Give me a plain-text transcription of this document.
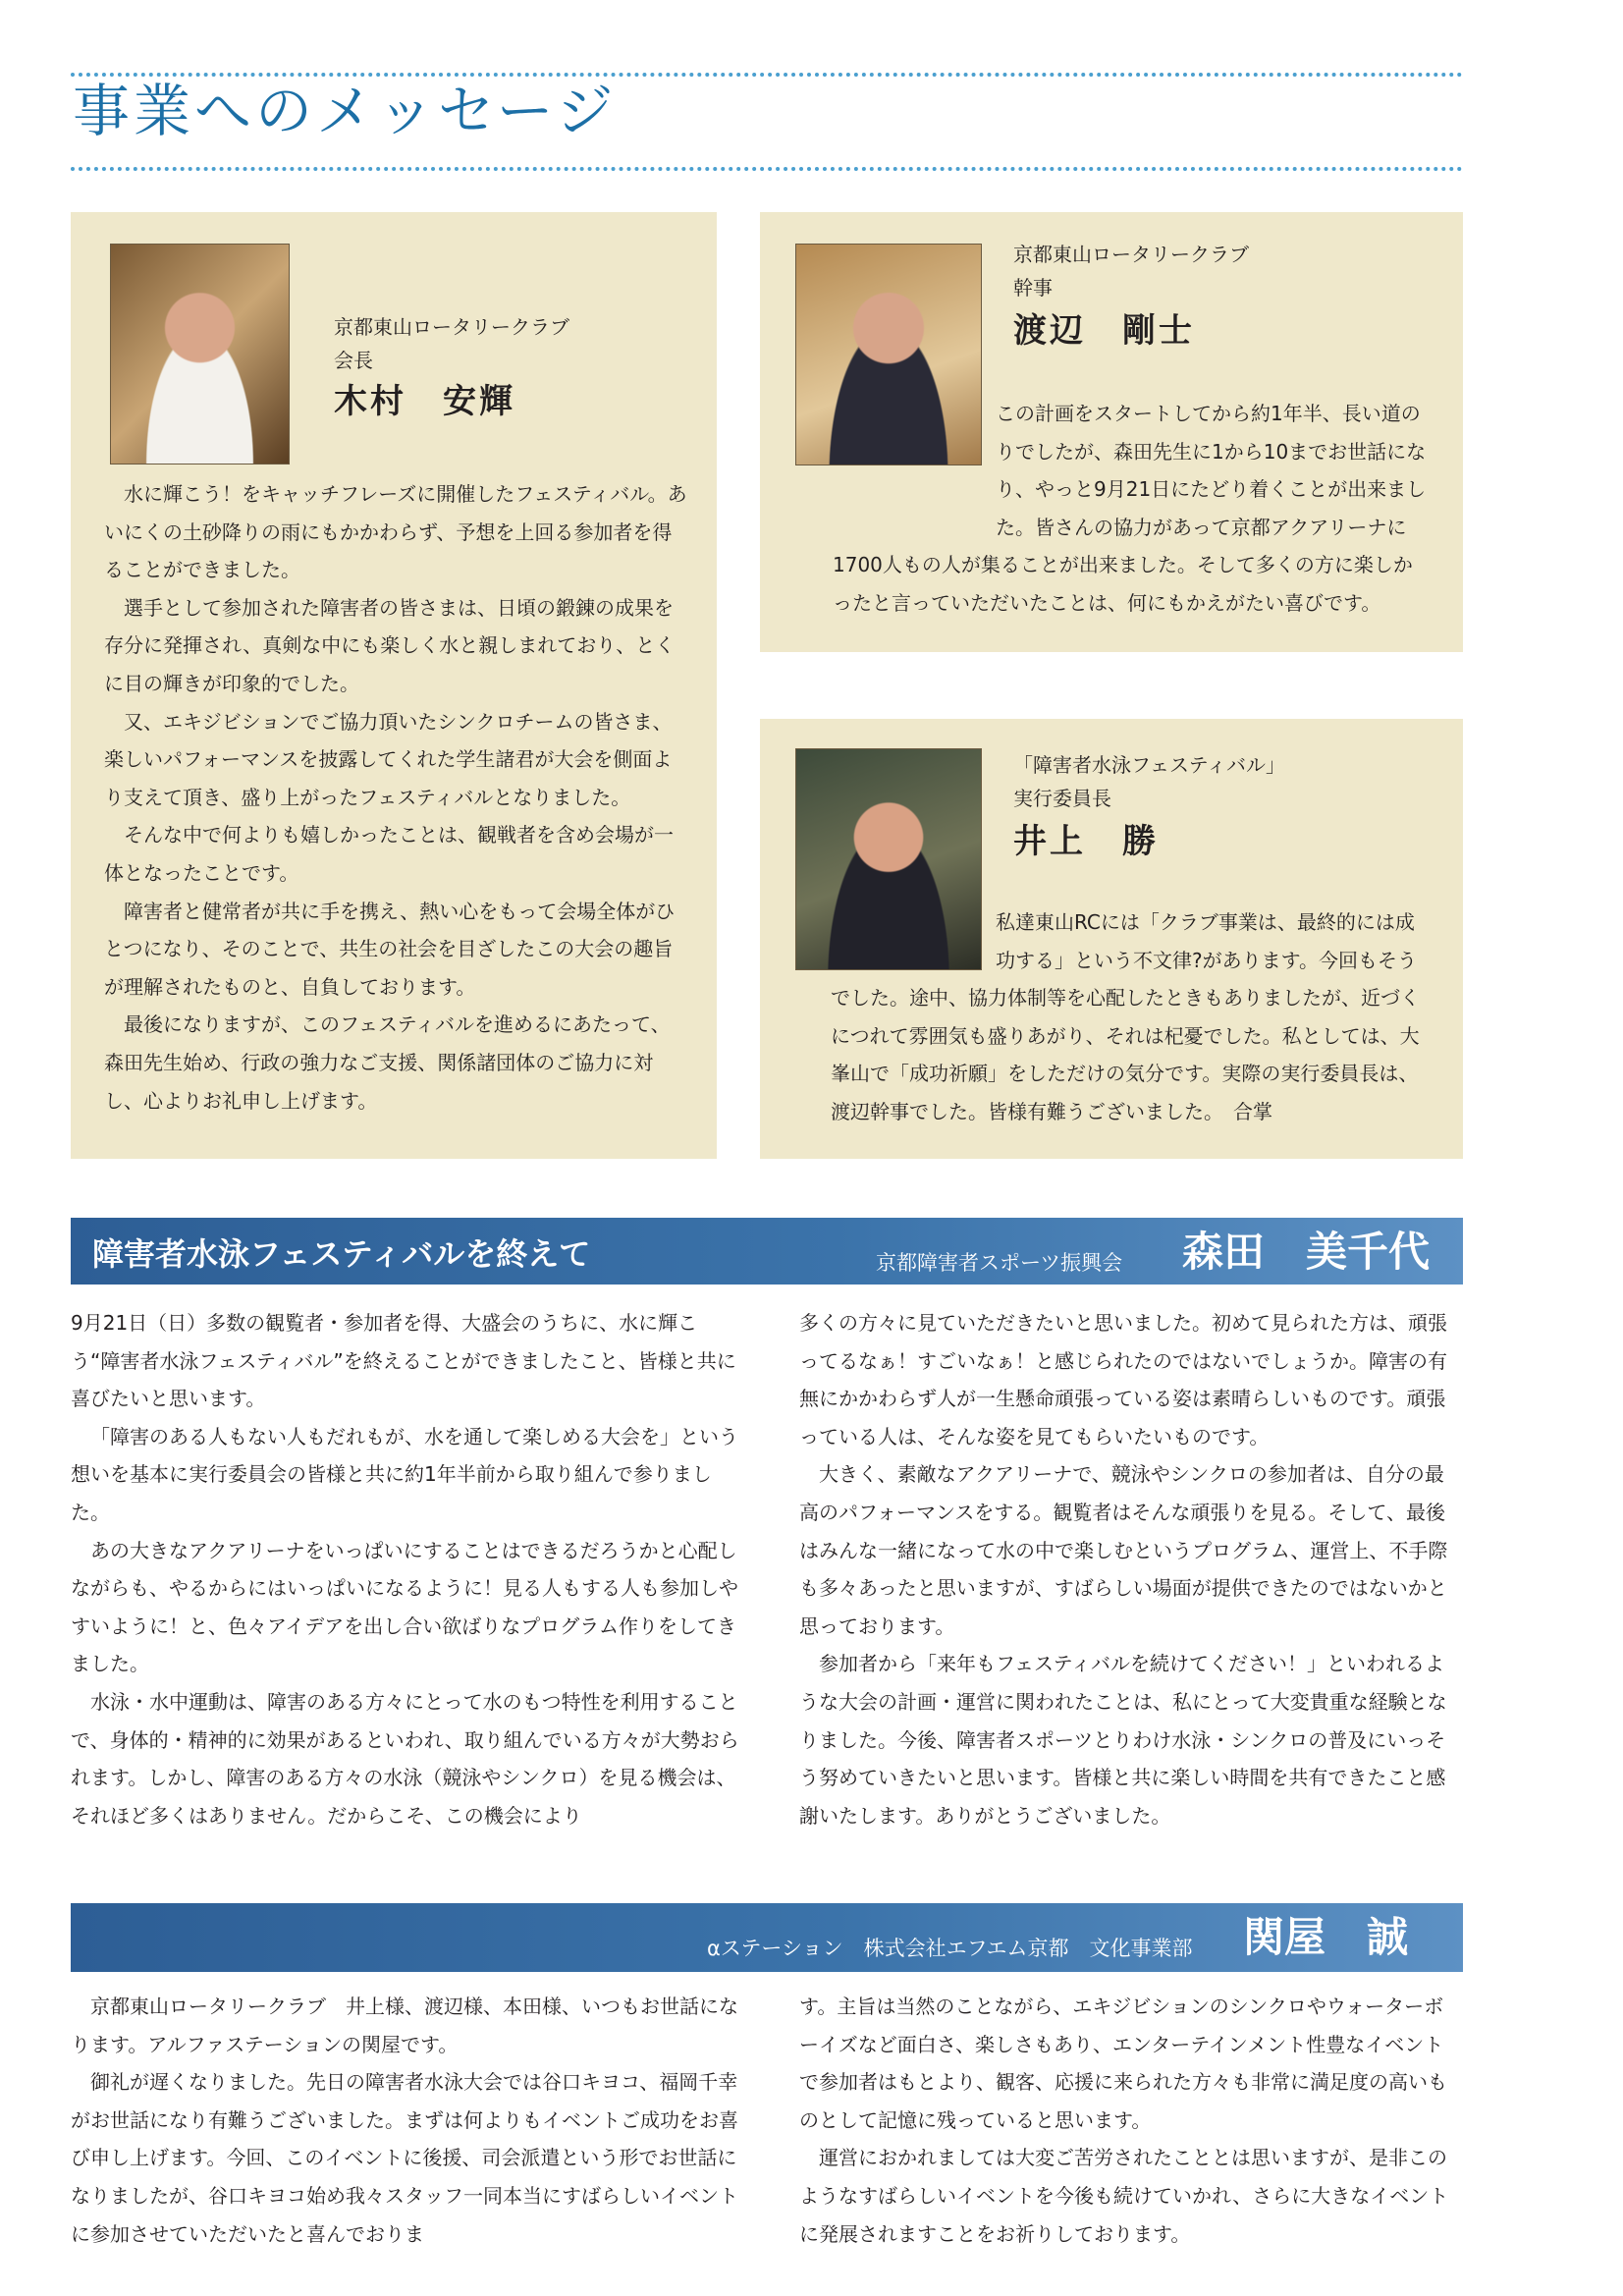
事業へのメッセージ
京都東山ロータリークラブ
会長
木村　安輝

水に輝こう！をキャッチフレーズに開催したフェスティバル。あいにくの土砂降りの雨にもかかわらず、予想を上回る参加者を得ることができました。

選手として参加された障害者の皆さまは、日頃の鍛錬の成果を存分に発揮され、真剣な中にも楽しく水と親しまれており、とくに目の輝きが印象的でした。

又、エキジビションでご協力頂いたシンクロチームの皆さま、楽しいパフォーマンスを披露してくれた学生諸君が大会を側面より支えて頂き、盛り上がったフェスティバルとなりました。

そんな中で何よりも嬉しかったことは、観戦者を含め会場が一体となったことです。

障害者と健常者が共に手を携え、熱い心をもって会場全体がひとつになり、そのことで、共生の社会を目ざしたこの大会の趣旨が理解されたものと、自負しております。

最後になりますが、このフェスティバルを進めるにあたって、森田先生始め、行政の強力なご支援、関係諸団体のご協力に対し、心よりお礼申し上げます。

京都東山ロータリークラブ
幹事
渡辺　剛士
この計画をスタートしてから約1年半、長い道のりでしたが、森田先生に1から10までお世話になり、やっと9月21日にたどり着くことが出来ました。皆さんの協力があって京都アクアリーナに1700人もの人が集ることが出来ました。そして多くの方に楽しかったと言っていただいたことは、何にもかえがたい喜びです。
「障害者水泳フェスティバル」
実行委員長
井上　勝
私達東山RCには「クラブ事業は、最終的には成功する」という不文律?があります。今回もそうでした。途中、協力体制等を心配したときもありましたが、近づくにつれて雰囲気も盛りあがり、それは杞憂でした。私としては、大峯山で「成功祈願」をしただけの気分です。実際の実行委員長は、渡辺幹事でした。皆様有難うございました。　合掌
障害者水泳フェスティバルを終えて	京都障害者スポーツ振興会 森田　美千代

9月21日（日）多数の観覧者・参加者を得、大盛会のうちに、水に輝こう“障害者水泳フェスティバル”を終えることができましたこと、皆様と共に喜びたいと思います。

「障害のある人もない人もだれもが、水を通して楽しめる大会を」という想いを基本に実行委員会の皆様と共に約1年半前から取り組んで参りました。

あの大きなアクアリーナをいっぱいにすることはできるだろうかと心配しながらも、やるからにはいっぱいになるように！見る人もする人も参加しやすいように！と、色々アイデアを出し合い欲ばりなプログラム作りをしてきました。

水泳・水中運動は、障害のある方々にとって水のもつ特性を利用することで、身体的・精神的に効果があるといわれ、取り組んでいる方々が大勢おられます。しかし、障害のある方々の水泳（競泳やシンクロ）を見る機会は、それほど多くはありません。だからこそ、この機会により

多くの方々に見ていただきたいと思いました。初めて見られた方は、頑張ってるなぁ！すごいなぁ！と感じられたのではないでしょうか。障害の有無にかかわらず人が一生懸命頑張っている姿は素晴らしいものです。頑張っている人は、そんな姿を見てもらいたいものです。

大きく、素敵なアクアリーナで、競泳やシンクロの参加者は、自分の最高のパフォーマンスをする。観覧者はそんな頑張りを見る。そして、最後はみんな一緒になって水の中で楽しむというプログラム、運営上、不手際も多々あったと思いますが、すばらしい場面が提供できたのではないかと思っております。

参加者から「来年もフェスティバルを続けてください！」といわれるような大会の計画・運営に関われたことは、私にとって大変貴重な経験となりました。今後、障害者スポーツとりわけ水泳・シンクロの普及にいっそう努めていきたいと思います。皆様と共に楽しい時間を共有できたこと感謝いたします。ありがとうございました。

αステーション　株式会社エフエム京都　文化事業部 関屋　誠

京都東山ロータリークラブ　井上様、渡辺様、本田様、いつもお世話になります。アルファステーションの関屋です。

御礼が遅くなりました。先日の障害者水泳大会では谷口キヨコ、福岡千幸がお世話になり有難うございました。まずは何よりもイベントご成功をお喜び申し上げます。今回、このイベントに後援、司会派遣という形でお世話になりましたが、谷口キヨコ始め我々スタッフ一同本当にすばらしいイベントに参加させていただいたと喜んでおりま

す。主旨は当然のことながら、エキジビションのシンクロやウォーターボーイズなど面白さ、楽しさもあり、エンターテインメント性豊なイベントで参加者はもとより、観客、応援に来られた方々も非常に満足度の高いものとして記憶に残っていると思います。

運営におかれましては大変ご苦労されたこととは思いますが、是非このようなすばらしいイベントを今後も続けていかれ、さらに大きなイベントに発展されますことをお祈りしております。
